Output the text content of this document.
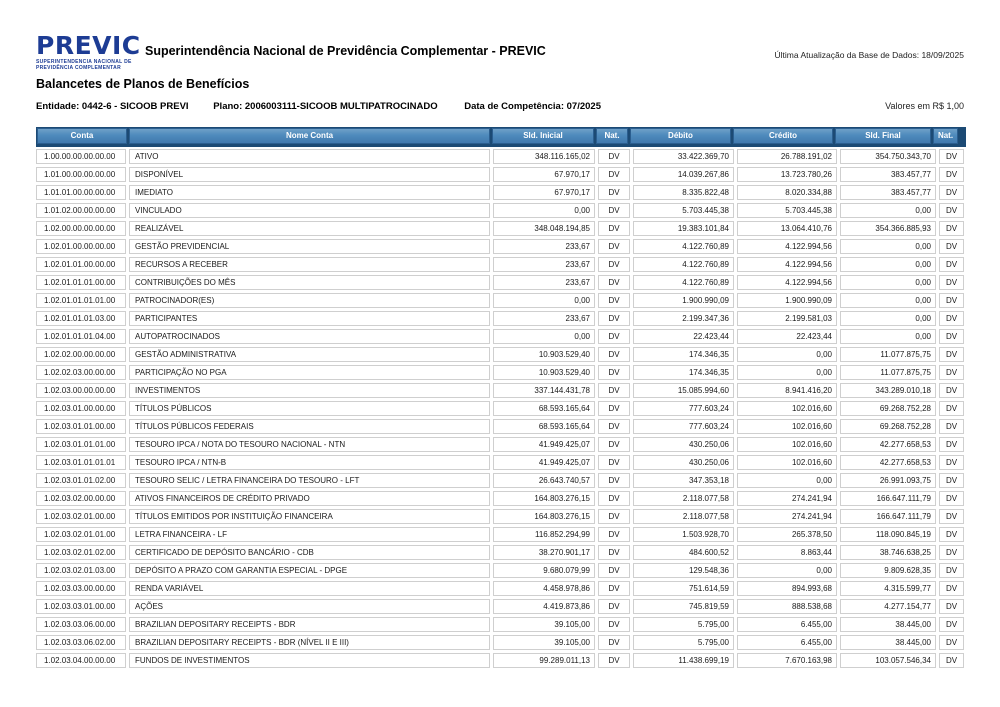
PREVIC
SUPERINTENDENCIA NACIONAL DE
PREVIDÊNCIA COMPLEMENTAR
Superintendência Nacional de Previdência Complementar - PREVIC	Última Atualização da Base de Dados: 18/09/2025
Balancetes de Planos de Benefícios
Entidade: 0442-6 - SICOOB PREVI	Plano: 2006003111-SICOOB MULTIPATROCINADO	Data de Competência: 07/2025	Valores em R$ 1,00
Conta	Nome Conta	Sld. Inicial	Nat.	Débito	Crédito	Sld. Final	Nat.
1.00.00.00.00.00.00	ATIVO	348.116.165,02	DV	33.422.369,70	26.788.191,02	354.750.343,70	DV
1.01.00.00.00.00.00	DISPONÍVEL	67.970,17	DV	14.039.267,86	13.723.780,26	383.457,77	DV
1.01.01.00.00.00.00	IMEDIATO	67.970,17	DV	8.335.822,48	8.020.334,88	383.457,77	DV
1.01.02.00.00.00.00	VINCULADO	0,00	DV	5.703.445,38	5.703.445,38	0,00	DV
1.02.00.00.00.00.00	REALIZÁVEL	348.048.194,85	DV	19.383.101,84	13.064.410,76	354.366.885,93	DV
1.02.01.00.00.00.00	GESTÃO PREVIDENCIAL	233,67	DV	4.122.760,89	4.122.994,56	0,00	DV
1.02.01.01.00.00.00	RECURSOS A RECEBER	233,67	DV	4.122.760,89	4.122.994,56	0,00	DV
1.02.01.01.01.00.00	CONTRIBUIÇÕES DO MÊS	233,67	DV	4.122.760,89	4.122.994,56	0,00	DV
1.02.01.01.01.01.00	PATROCINADOR(ES)	0,00	DV	1.900.990,09	1.900.990,09	0,00	DV
1.02.01.01.01.03.00	PARTICIPANTES	233,67	DV	2.199.347,36	2.199.581,03	0,00	DV
1.02.01.01.01.04.00	AUTOPATROCINADOS	0,00	DV	22.423,44	22.423,44	0,00	DV
1.02.02.00.00.00.00	GESTÃO ADMINISTRATIVA	10.903.529,40	DV	174.346,35	0,00	11.077.875,75	DV
1.02.02.03.00.00.00	PARTICIPAÇÃO NO PGA	10.903.529,40	DV	174.346,35	0,00	11.077.875,75	DV
1.02.03.00.00.00.00	INVESTIMENTOS	337.144.431,78	DV	15.085.994,60	8.941.416,20	343.289.010,18	DV
1.02.03.01.00.00.00	TÍTULOS PÚBLICOS	68.593.165,64	DV	777.603,24	102.016,60	69.268.752,28	DV
1.02.03.01.01.00.00	TÍTULOS PÚBLICOS FEDERAIS	68.593.165,64	DV	777.603,24	102.016,60	69.268.752,28	DV
1.02.03.01.01.01.00	TESOURO IPCA / NOTA DO TESOURO NACIONAL - NTN	41.949.425,07	DV	430.250,06	102.016,60	42.277.658,53	DV
1.02.03.01.01.01.01	TESOURO IPCA / NTN-B	41.949.425,07	DV	430.250,06	102.016,60	42.277.658,53	DV
1.02.03.01.01.02.00	TESOURO SELIC / LETRA FINANCEIRA DO TESOURO - LFT	26.643.740,57	DV	347.353,18	0,00	26.991.093,75	DV
1.02.03.02.00.00.00	ATIVOS FINANCEIROS DE CRÉDITO PRIVADO	164.803.276,15	DV	2.118.077,58	274.241,94	166.647.111,79	DV
1.02.03.02.01.00.00	TÍTULOS EMITIDOS POR INSTITUIÇÃO FINANCEIRA	164.803.276,15	DV	2.118.077,58	274.241,94	166.647.111,79	DV
1.02.03.02.01.01.00	LETRA FINANCEIRA - LF	116.852.294,99	DV	1.503.928,70	265.378,50	118.090.845,19	DV
1.02.03.02.01.02.00	CERTIFICADO DE DEPÓSITO BANCÁRIO - CDB	38.270.901,17	DV	484.600,52	8.863,44	38.746.638,25	DV
1.02.03.02.01.03.00	DEPÓSITO A PRAZO COM GARANTIA ESPECIAL - DPGE	9.680.079,99	DV	129.548,36	0,00	9.809.628,35	DV
1.02.03.03.00.00.00	RENDA VARIÁVEL	4.458.978,86	DV	751.614,59	894.993,68	4.315.599,77	DV
1.02.03.03.01.00.00	AÇÕES	4.419.873,86	DV	745.819,59	888.538,68	4.277.154,77	DV
1.02.03.03.06.00.00	BRAZILIAN DEPOSITARY RECEIPTS - BDR	39.105,00	DV	5.795,00	6.455,00	38.445,00	DV
1.02.03.03.06.02.00	BRAZILIAN DEPOSITARY RECEIPTS - BDR (NÍVEL II E III)	39.105,00	DV	5.795,00	6.455,00	38.445,00	DV
1.02.03.04.00.00.00	FUNDOS DE INVESTIMENTOS	99.289.011,13	DV	11.438.699,19	7.670.163,98	103.057.546,34	DV
